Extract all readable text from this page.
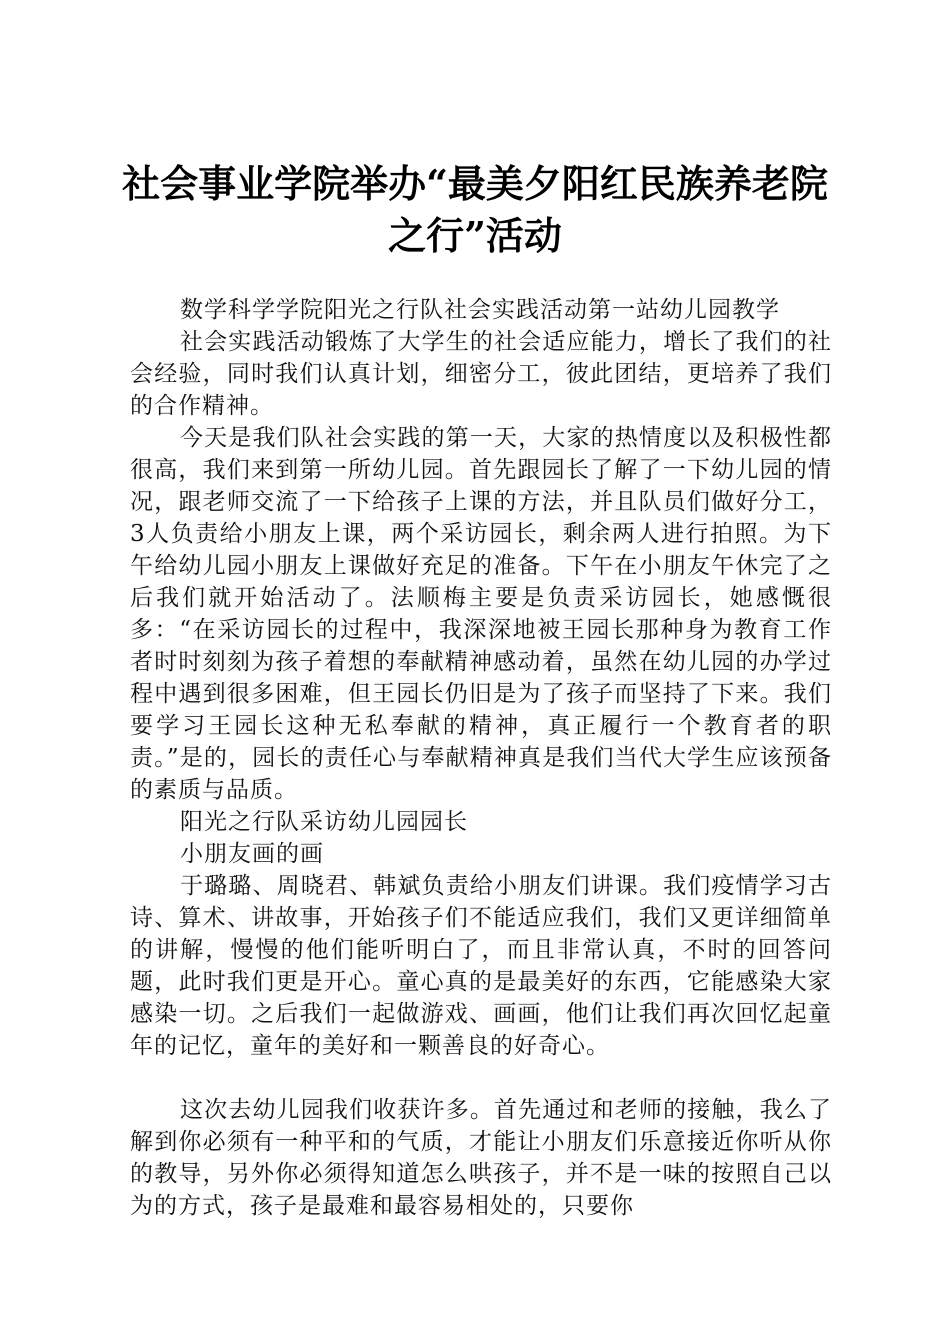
社会事业学院举办“最美夕阳红民族养老院之行”活动

数学科学学院阳光之行队社会实践活动第一站幼儿园教学

社会实践活动锻炼了大学生的社会适应能力，增长了我们的社会经验，同时我们认真计划，细密分工，彼此团结，更培养了我们的合作精神。

今天是我们队社会实践的第一天，大家的热情度以及积极性都很高，我们来到第一所幼儿园。首先跟园长了解了一下幼儿园的情况，跟老师交流了一下给孩子上课的方法，并且队员们做好分工，3人负责给小朋友上课，两个采访园长，剩余两人进行拍照。为下午给幼儿园小朋友上课做好充足的准备。下午在小朋友午休完了之后我们就开始活动了。法顺梅主要是负责采访园长，她感慨很多：“在采访园长的过程中，我深深地被王园长那种身为教育工作者时时刻刻为孩子着想的奉献精神感动着，虽然在幼儿园的办学过程中遇到很多困难，但王园长仍旧是为了孩子而坚持了下来。我们要学习王园长这种无私奉献的精神，真正履行一个教育者的职责。”是的，园长的责任心与奉献精神真是我们当代大学生应该预备的素质与品质。

阳光之行队采访幼儿园园长

小朋友画的画

于璐璐、周晓君、韩斌负责给小朋友们讲课。我们疫情学习古诗、算术、讲故事，开始孩子们不能适应我们，我们又更详细简单的讲解，慢慢的他们能听明白了，而且非常认真，不时的回答问题，此时我们更是开心。童心真的是最美好的东西，它能感染大家感染一切。之后我们一起做游戏、画画，他们让我们再次回忆起童年的记忆，童年的美好和一颗善良的好奇心。

这次去幼儿园我们收获许多。首先通过和老师的接触，我么了解到你必须有一种平和的气质，才能让小朋友们乐意接近你听从你的教导，另外你必须得知道怎么哄孩子，并不是一味的按照自己以为的方式，孩子是最难和最容易相处的，只要你
